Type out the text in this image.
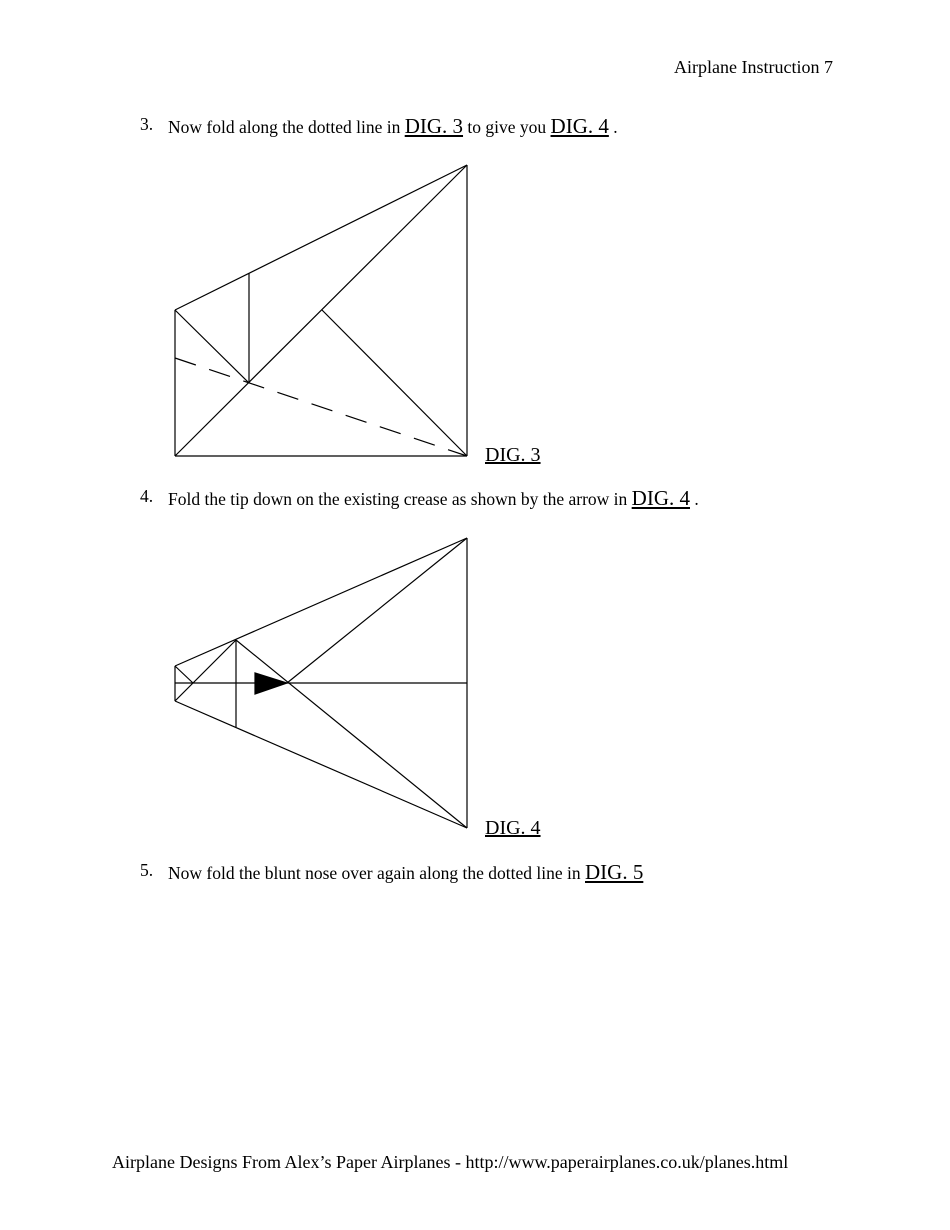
Airplane Instruction 7
3. Now fold along the dotted line in DIG. 3 to give you DIG. 4 .
DIG. 3
4. Fold the tip down on the existing crease as shown by the arrow in DIG. 4 .
DIG. 4
5. Now fold the blunt nose over again along the dotted line in DIG. 5
Airplane Designs From Alex’s Paper Airplanes - http://www.paperairplanes.co.uk/planes.html
